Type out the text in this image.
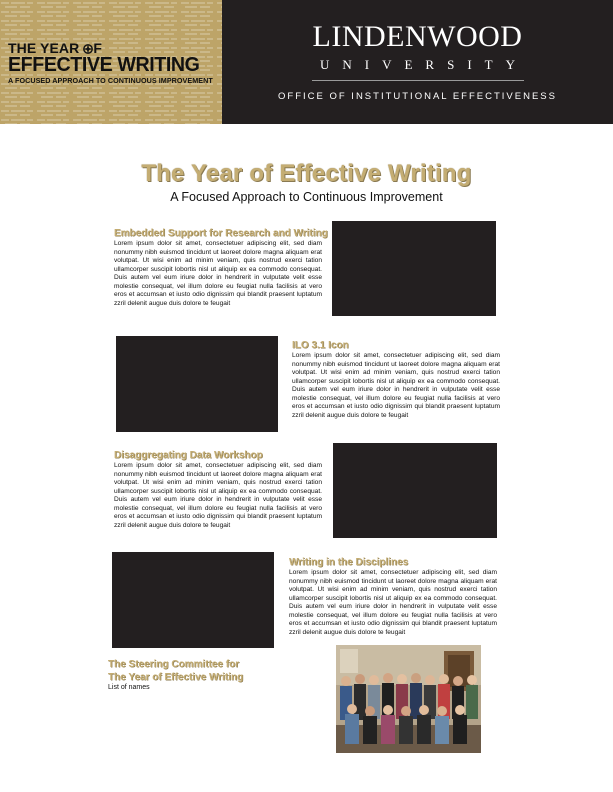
THE YEAR F
EFFECTIVE WRITING
A FOCUSED APPROACH TO CONTINUOUS IMPROVEMENT
LINDENWOOD
UNIVERSITY
OFFICE OF INSTITUTIONAL EFFECTIVENESS
The Year of Effective Writing
A Focused Approach to Continuous Improvement
Embedded Support for Research and Writing
Lorem ipsum dolor sit amet, consectetuer adipiscing elit, sed diam nonummy nibh euismod tincidunt ut laoreet dolore magna aliquam erat volutpat. Ut wisi enim ad minim veniam, quis nostrud exerci tation ullamcorper suscipit lobortis nisl ut aliquip ex ea commodo consequat. Duis autem vel eum iriure dolor in hendrerit in vulputate velit esse molestie consequat, vel illum dolore eu feugiat nulla facilisis at vero eros et accumsan et iusto odio dignissim qui blandit praesent luptatum zzril delenit augue duis dolore te feugait
ILO 3.1 Icon
Lorem ipsum dolor sit amet, consectetuer adipiscing elit, sed diam nonummy nibh euismod tincidunt ut laoreet dolore magna aliquam erat volutpat. Ut wisi enim ad minim veniam, quis nostrud exerci tation ullamcorper suscipit lobortis nisl ut aliquip ex ea commodo consequat. Duis autem vel eum iriure dolor in hendrerit in vulputate velit esse molestie consequat, vel illum dolore eu feugiat nulla facilisis at vero eros et accumsan et iusto odio dignissim qui blandit praesent luptatum zzril delenit augue duis dolore te feugait
Disaggregating Data Workshop
Lorem ipsum dolor sit amet, consectetuer adipiscing elit, sed diam nonummy nibh euismod tincidunt ut laoreet dolore magna aliquam erat volutpat. Ut wisi enim ad minim veniam, quis nostrud exerci tation ullamcorper suscipit lobortis nisl ut aliquip ex ea commodo consequat. Duis autem vel eum iriure dolor in hendrerit in vulputate velit esse molestie consequat, vel illum dolore eu feugiat nulla facilisis at vero eros et accumsan et iusto odio dignissim qui blandit praesent luptatum zzril delenit augue duis dolore te feugait
Writing in the Disciplines
Lorem ipsum dolor sit amet, consectetuer adipiscing elit, sed diam nonummy nibh euismod tincidunt ut laoreet dolore magna aliquam erat volutpat. Ut wisi enim ad minim veniam, quis nostrud exerci tation ullamcorper suscipit lobortis nisl ut aliquip ex ea commodo consequat. Duis autem vel eum iriure dolor in hendrerit in vulputate velit esse molestie consequat, vel illum dolore eu feugiat nulla facilisis at vero eros et accumsan et iusto odio dignissim qui blandit praesent luptatum zzril delenit augue duis dolore te feugait
The Steering Committee for
The Year of Effective Writing
List of names
